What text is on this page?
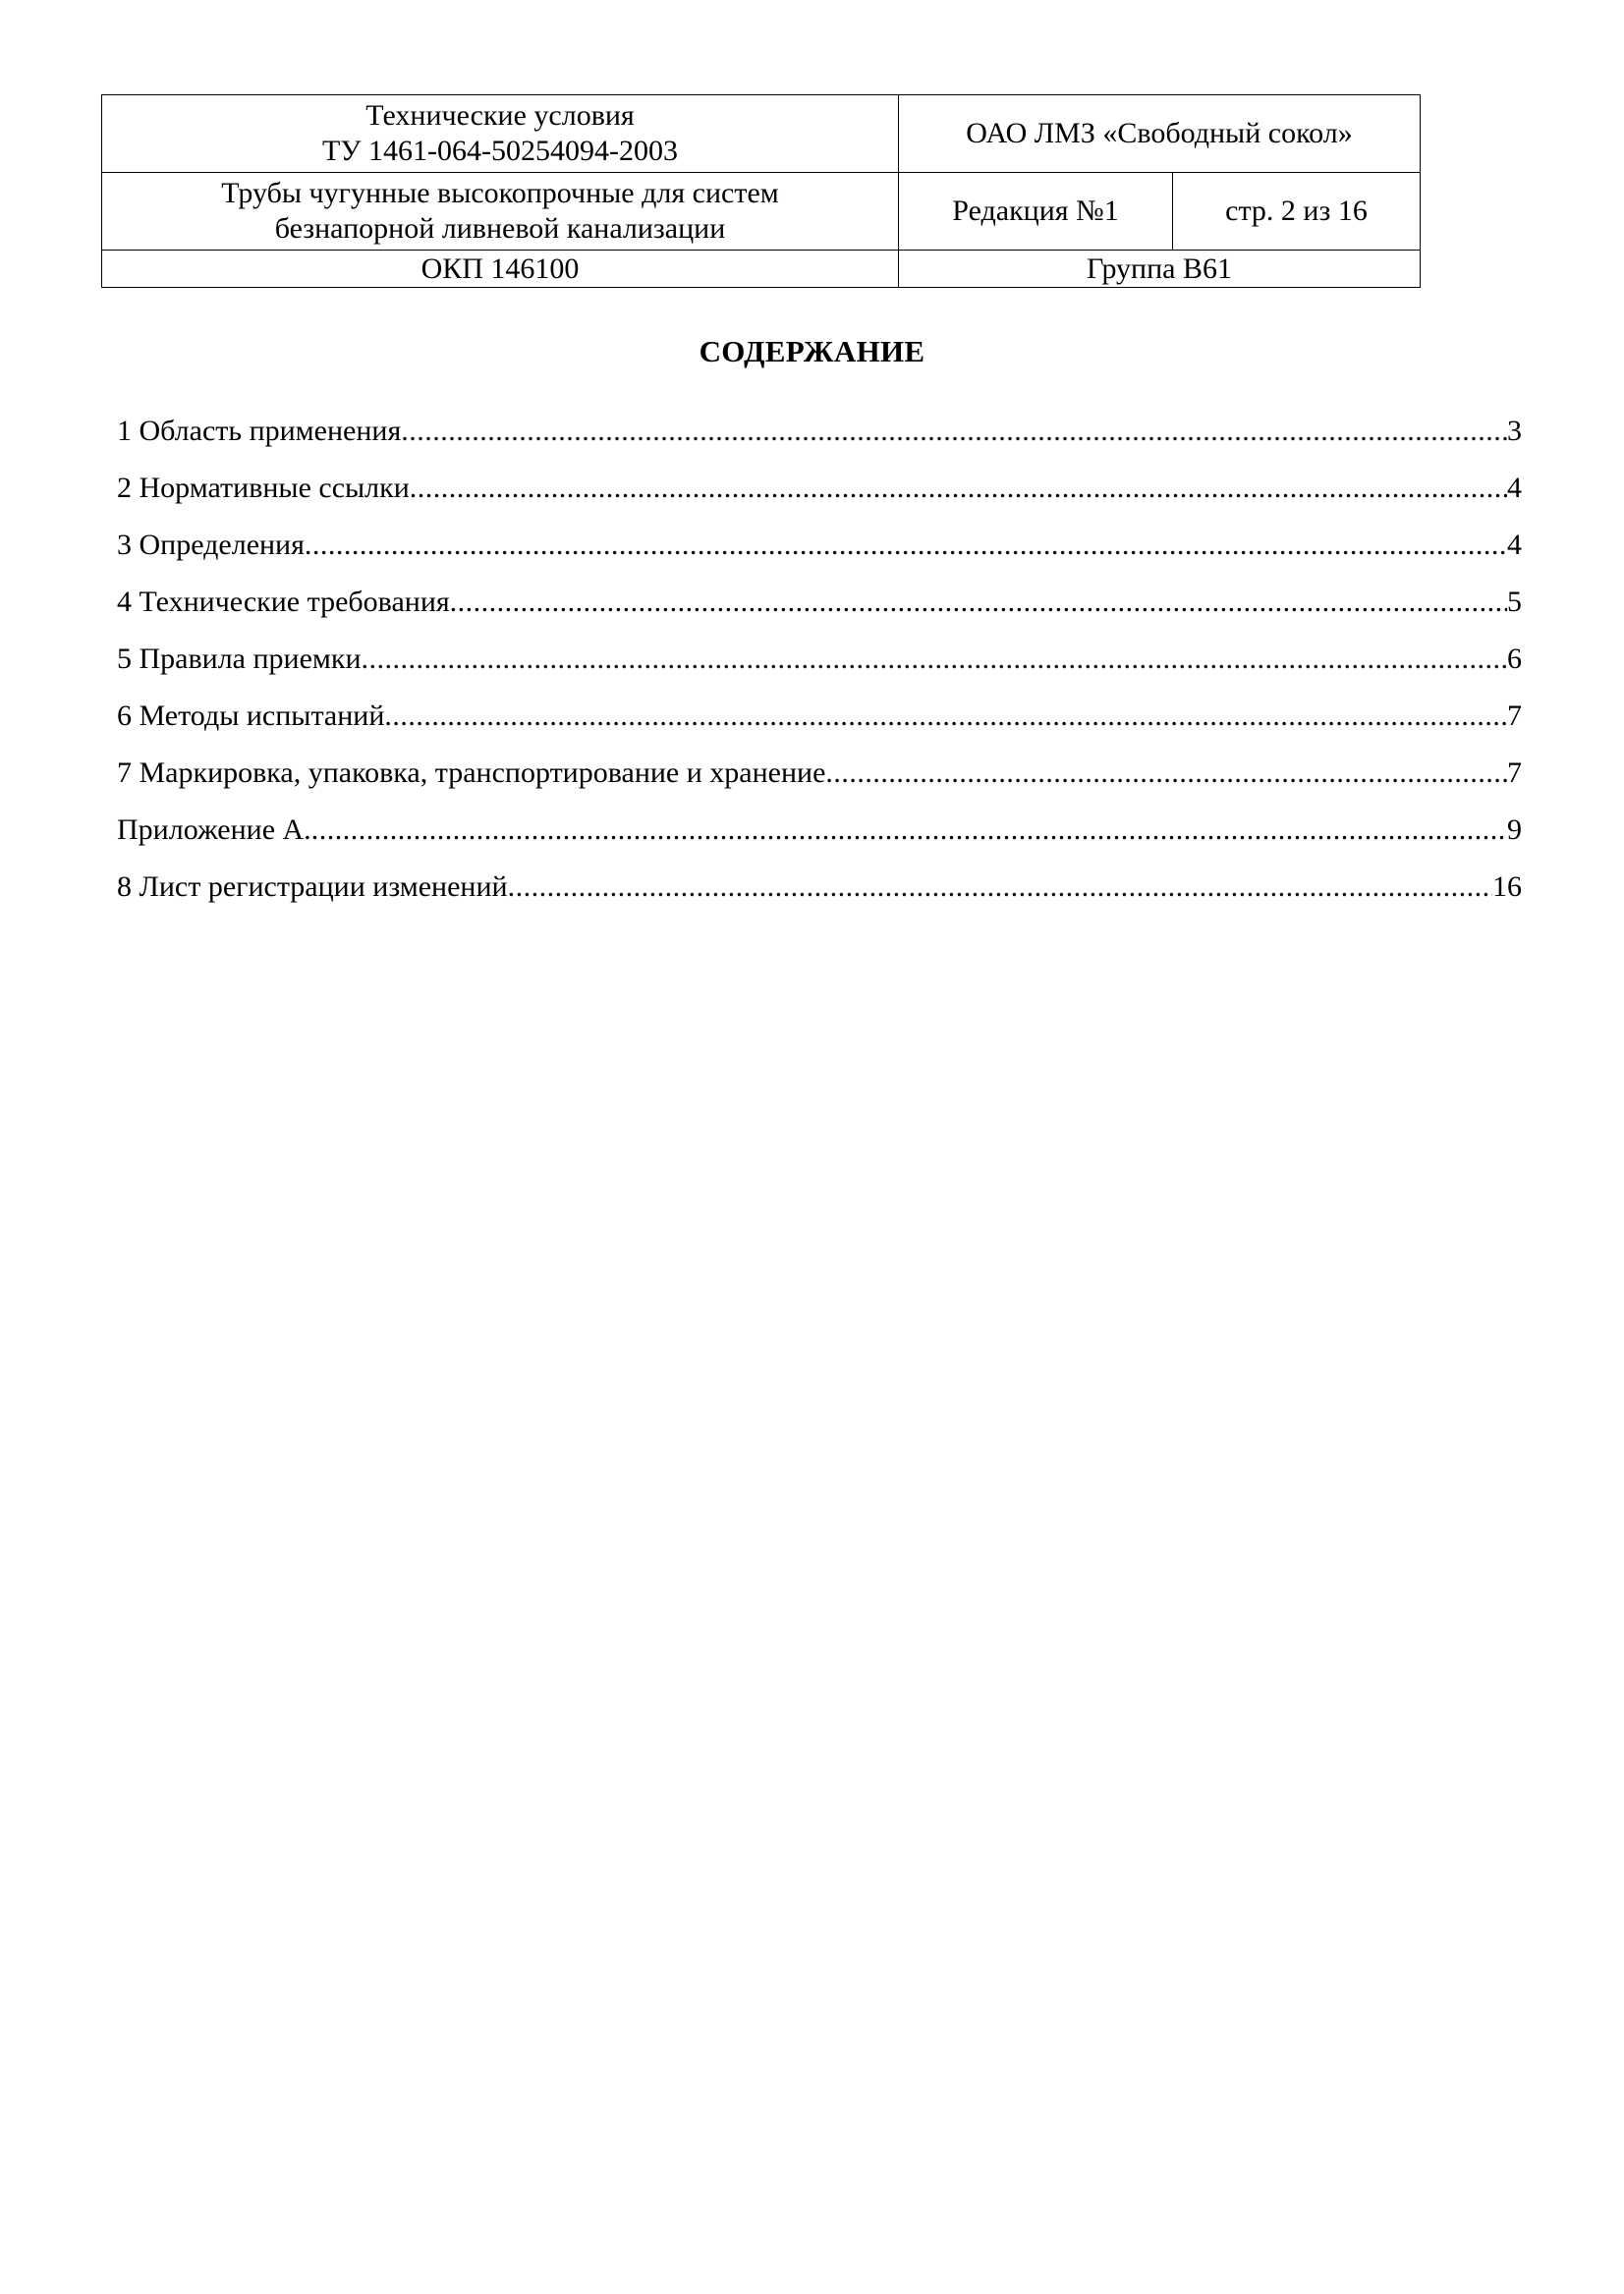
Технические условия
ТУ 1461-064-50254094-2003	ОАО ЛМЗ «Свободный сокол»	

Трубы чугунные высокопрочные для систем
безнапорной ливневой канализации	Редакция №1	стр. 2 из 16
ОКП 146100	Группа В61	
СОДЕРЖАНИЕ
1 Область применения .....	3
2 Нормативные ссылки .....	4
3 Определения .....	4
4 Технические требования .....	5
5 Правила приемки .....	6
6 Методы испытаний .....	7
7 Маркировка, упаковка, транспортирование и хранение .....	7
Приложение А. .....	9
8 Лист регистрации изменений .....	16
